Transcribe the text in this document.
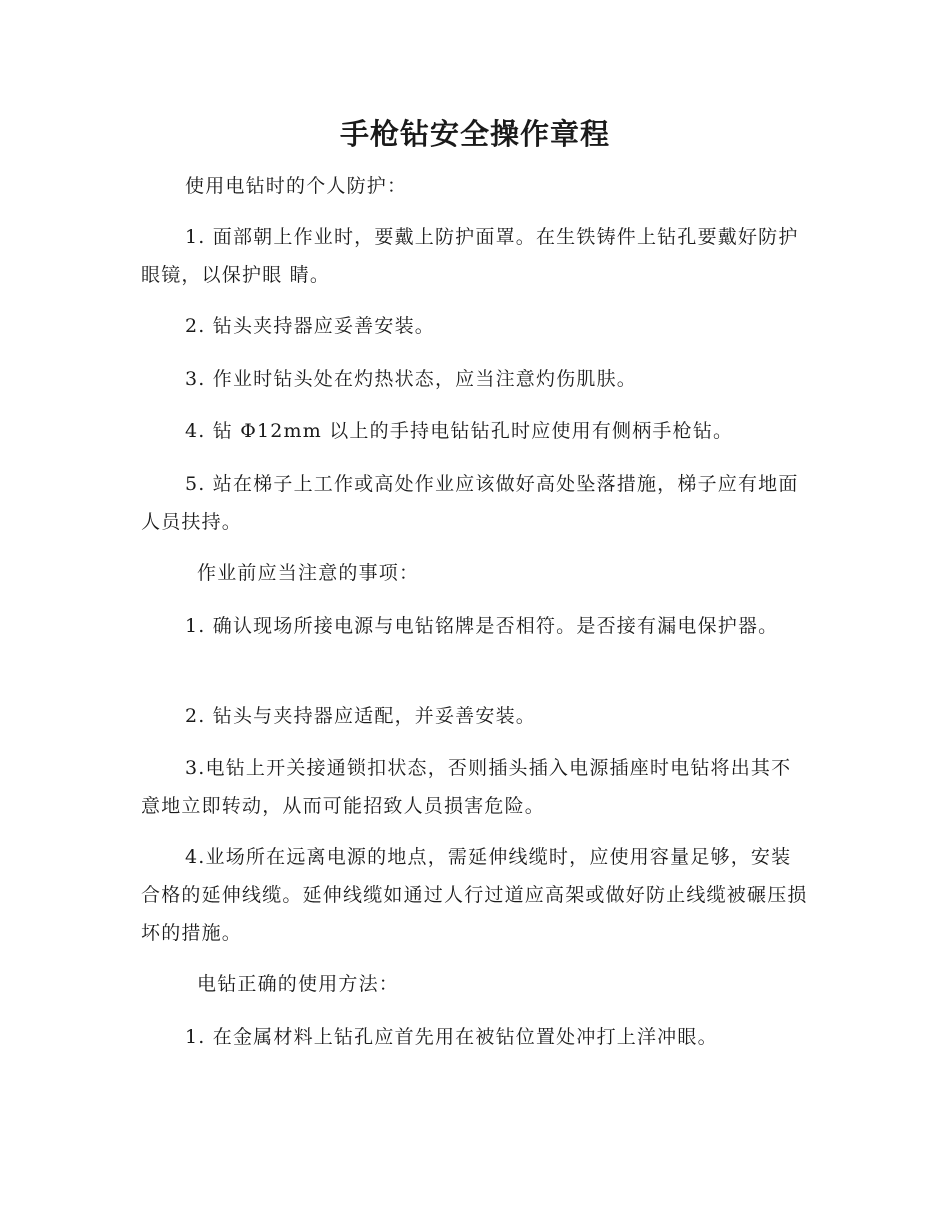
手枪钻安全操作章程

使用电钻时的个人防护：

1. 面部朝上作业时，要戴上防护面罩。在生铁铸件上钻孔要戴好防护眼镜，以保护眼 睛。

2. 钻头夹持器应妥善安装。

3. 作业时钻头处在灼热状态，应当注意灼伤肌肤。

4. 钻 Φ12mm 以上的手持电钻钻孔时应使用有侧柄手枪钻。

5. 站在梯子上工作或高处作业应该做好高处坠落措施，梯子应有地面人员扶持。

作业前应当注意的事项：

1. 确认现场所接电源与电钻铭牌是否相符。是否接有漏电保护器。

2. 钻头与夹持器应适配，并妥善安装。

3.电钻上开关接通锁扣状态，否则插头插入电源插座时电钻将出其不意地立即转动，从而可能招致人员损害危险。

4.业场所在远离电源的地点，需延伸线缆时，应使用容量足够，安装合格的延伸线缆。延伸线缆如通过人行过道应高架或做好防止线缆被碾压损坏的措施。

电钻正确的使用方法：

1. 在金属材料上钻孔应首先用在被钻位置处冲打上洋冲眼。
